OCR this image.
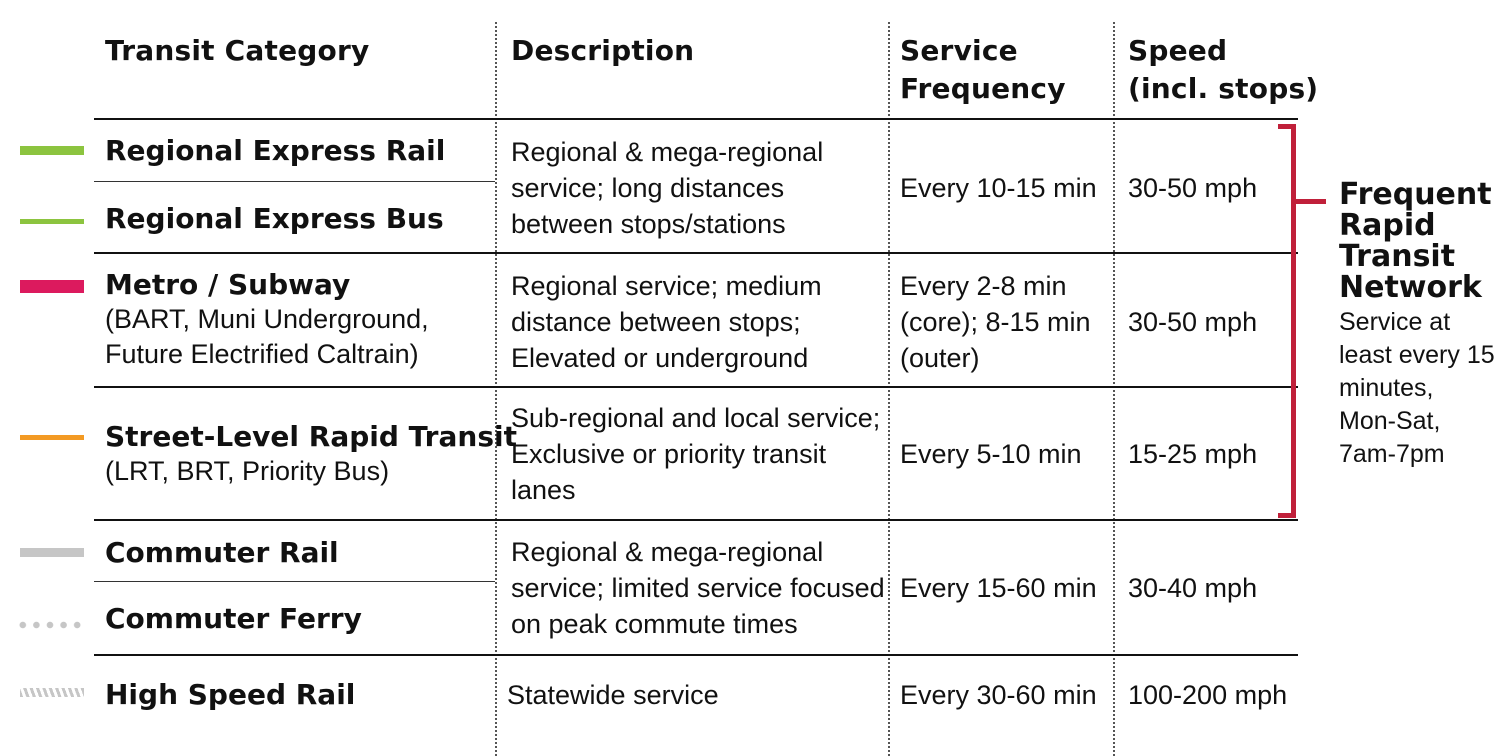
Transit Category	Description	Service
Frequency
Speed
(incl. stops)
Regional Express Rail
Regional Express Bus
Metro / Subway
(BART, Muni Underground,
Future Electrified Caltrain)
Street-Level Rapid Transit
(LRT, BRT, Priority Bus)
Commuter Rail
Commuter Ferry
High Speed Rail
Regional & mega-regional
service; long distances
between stops/stations
Regional service; medium
distance between stops;
Elevated or underground
Sub-regional and local service;
Exclusive or priority transit
lanes
Regional & mega-regional
service; limited service focused
on peak commute times
Statewide service
Every 10-15 min
Every 2-8 min
(core); 8-15 min
(outer)
Every 5-10 min
Every 15-60 min
Every 30-60 min
30-50 mph
30-50 mph
15-25 mph
30-40 mph
100-200 mph
Frequent
Rapid
Transit
Network
Service at
least every 15
minutes,
Mon-Sat,
7am-7pm
